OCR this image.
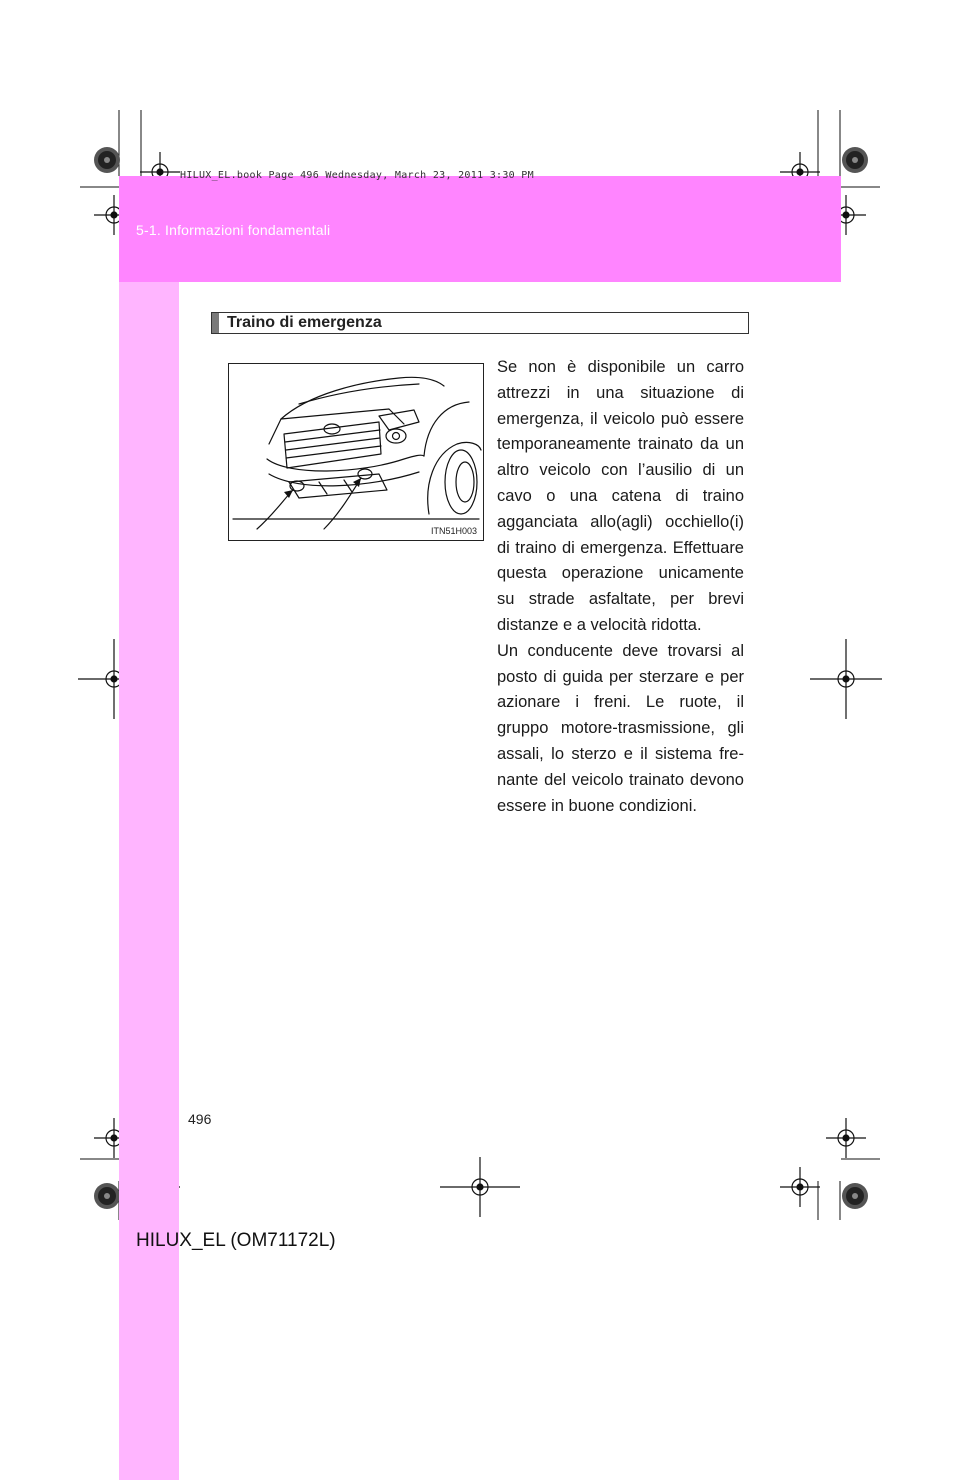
HILUX_EL.book Page 496 Wednesday, March 23, 2011 3:30 PM
5-1. Informazioni fondamentali
Traino di emergenza
ITN51H003

Se non è disponibile un carro attrezzi in una situazione di emergenza, il veicolo può essere temporaneamente trainato da un altro veicolo con l’ausilio di un cavo o una catena di traino agganciata allo(agli) occhiello(i) di traino di emergenza. Effettuare questa operazione unicamente su strade asfaltate, per brevi distanze e a velocità ridotta.

Un conducente deve trovarsi al posto di guida per sterzare e per azionare i freni. Le ruote, il gruppo motore-trasmissione, gli assali, lo sterzo e il sistema frenante del veicolo trainato devono essere in buone condizioni.

496
HILUX_EL (OM71172L)
